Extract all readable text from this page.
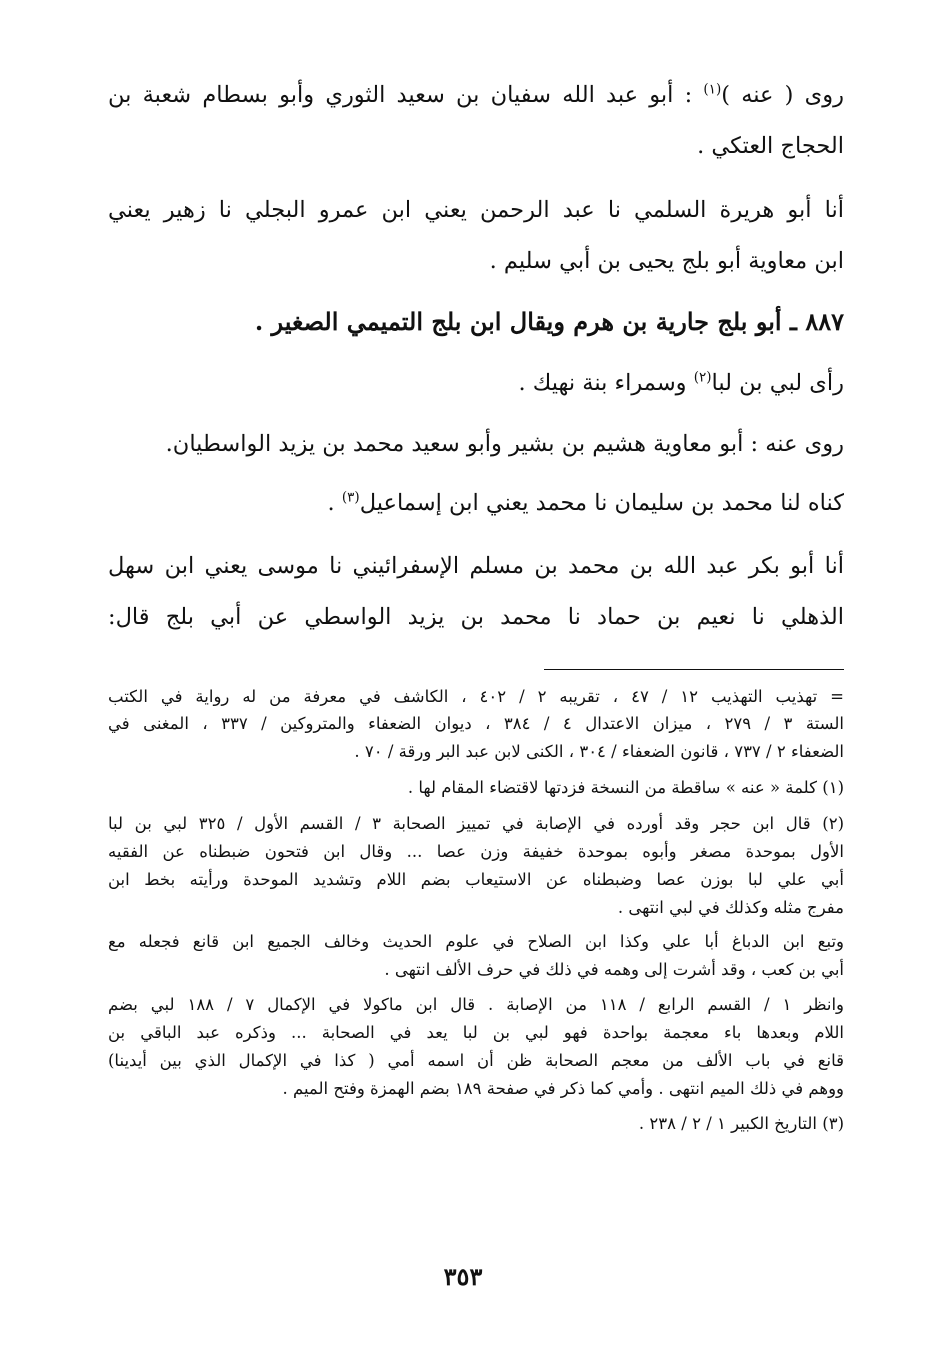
روى ( عنه )$^{(١)}$ : أبو عبد الله سفيان بن سعيد الثوري وأبو بسطام شعبة بن
الحجاج العتكي .
أنا أبو هريرة السلمي نا عبد الرحمن يعني ابن عمرو البجلي نا زهير يعني
ابن معاوية أبو بلج يحيى بن أبي سليم .
٨٨٧ ـ أبو بلج جارية بن هرم ويقال ابن بلج التميمي الصغير .
رأى لبي بن لبا$^{(٢)}$ وسمراء بنة نهيك .
روى عنه : أبو معاوية هشيم بن بشير وأبو سعيد محمد بن يزيد الواسطيان.
كناه لنا محمد بن سليمان نا محمد يعني ابن إسماعيل$^{(٣)}$ .
أنا أبو بكر عبد الله بن محمد بن مسلم الإسفرائيني نا موسى يعني ابن سهل
الذهلي نا نعيم بن حماد نا محمد بن يزيد الواسطي عن أبي بلج قال:
= تهذيب التهذيب ١٢ / ٤٧ ، تقريبه ٢ / ٤٠٢ ، الكاشف في معرفة من له رواية في الكتب
الستة ٣ / ٢٧٩ ، ميزان الاعتدال ٤ / ٣٨٤ ، ديوان الضعفاء والمتروكين / ٣٣٧ ، المغنى في
الضعفاء ٢ / ٧٣٧ ، قانون الضعفاء / ٣٠٤ ، الكنى لابن عبد البر ورقة / ٧٠ .
(١) كلمة « عنه » ساقطة من النسخة فزدتها لاقتضاء المقام لها .
(٢) قال ابن حجر وقد أورده في الإصابة في تمييز الصحابة ٣ / القسم الأول / ٣٢٥ لبي بن لبا
الأول بموحدة مصغر وأبوه بموحدة خفيفة وزن عصا ... وقال ابن فتحون ضبطناه عن الفقيه
أبي علي لبا بوزن عصا وضبطناه عن الاستيعاب بضم اللام وتشديد الموحدة ورأيته بخط ابن
مفرج مثله وكذلك في لبي انتهى .
وتبع ابن الدباغ أبا علي وكذا ابن الصلاح في علوم الحديث وخالف الجميع ابن قانع فجعله مع
أبي بن كعب ، وقد أشرت إلى وهمه في ذلك في حرف الألف انتهى .
وانظر ١ / القسم الرابع / ١١٨ من الإصابة . قال ابن ماكولا في الإكمال ٧ / ١٨٨ لبي بضم
اللام وبعدها باء معجمة بواحدة فهو لبي بن لبا يعد في الصحابة ... وذكره عبد الباقي بن
قانع في باب الألف من معجم الصحابة ظن أن اسمه أمي ( كذا في الإكمال الذي بين أيدينا)
ووهم في ذلك الميم انتهى . وأمي كما ذكر في صفحة ١٨٩ بضم الهمزة وفتح الميم .
(٣) التاريخ الكبير ١ / ٢ / ٢٣٨ .
٣٥٣
